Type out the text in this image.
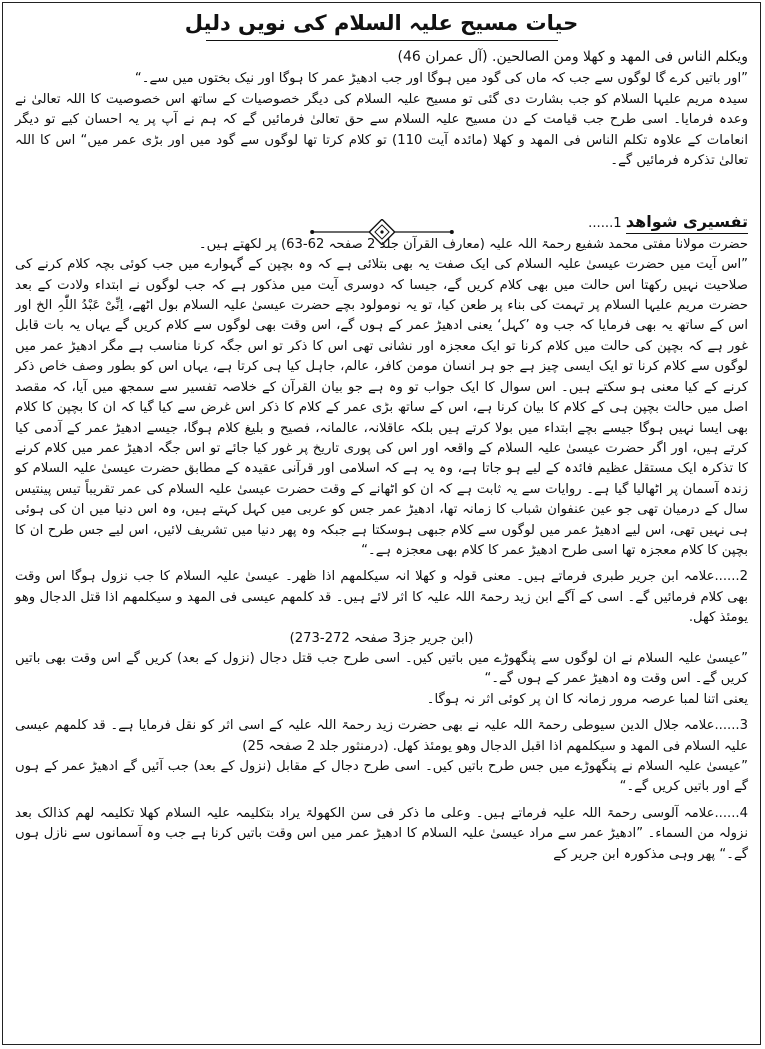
حیات مسیح علیہ السلام کی نویں دلیل

ویکلم الناس فی المھد و کھلا ومن الصالحین. (آل عمران 46)

”اور باتیں کرے گا لوگوں سے جب کہ ماں کی گود میں ہوگا اور جب ادھیڑ عمر کا ہوگا اور نیک بختوں میں سے۔“

سیدہ مریم علیہا السلام کو جب بشارت دی گئی تو مسیح علیہ السلام کی دیگر خصوصیات کے ساتھ اس خصوصیت کا اللہ تعالیٰ نے وعدہ فرمایا۔ اسی طرح جب قیامت کے دن مسیح علیہ السلام سے حق تعالیٰ فرمائیں گے کہ ہم نے آپ پر یہ احسان کیے تو دیگر انعامات کے علاوہ تکلم الناس فی المھد و کھلا (مائدہ آیت 110) تو کلام کرتا تھا لوگوں سے گود میں اور بڑی عمر میں“ اس کا اللہ تعالیٰ تذکرہ فرمائیں گے۔

تفسیری شواھد 1......

حضرت مولانا مفتی محمد شفیع رحمۃ اللہ علیہ (معارف القرآن جلد 2 صفحہ 62-63) پر لکھتے ہیں۔

”اس آیت میں حضرت عیسیٰ علیہ السلام کی ایک صفت یہ بھی بتلائی ہے کہ وہ بچپن کے گہوارے میں جب کوئی بچہ کلام کرنے کی صلاحیت نہیں رکھتا اس حالت میں بھی کلام کریں گے، جیسا کہ دوسری آیت میں مذکور ہے کہ جب لوگوں نے ابتداء ولادت کے بعد حضرت مریم علیہا السلام پر تہمت کی بناء پر طعن کیا، تو یہ نومولود بچے حضرت عیسیٰ علیہ السلام بول اٹھے، اِنِّیْ عَبْدُ اللّٰہِ الخ اور اس کے ساتھ یہ بھی فرمایا کہ جب وہ ’کہل‘ یعنی ادھیڑ عمر کے ہوں گے، اس وقت بھی لوگوں سے کلام کریں گے یہاں یہ بات قابل غور ہے کہ بچپن کی حالت میں کلام کرنا تو ایک معجزہ اور نشانی تھی اس کا ذکر تو اس جگہ کرنا مناسب ہے مگر ادھیڑ عمر میں لوگوں سے کلام کرنا تو ایک ایسی چیز ہے جو ہر انسان مومن کافر، عالم، جاہل کیا ہی کرتا ہے، یہاں اس کو بطور وصف خاص ذکر کرنے کے کیا معنی ہو سکتے ہیں۔ اس سوال کا ایک جواب تو وہ ہے جو بیان القرآن کے خلاصہ تفسیر سے سمجھ میں آیا، کہ مقصد اصل میں حالت بچپن ہی کے کلام کا بیان کرنا ہے، اس کے ساتھ بڑی عمر کے کلام کا ذکر اس غرض سے کیا گیا کہ ان کا بچپن کا کلام بھی ایسا نہیں ہوگا جیسے بچے ابتداء میں بولا کرتے ہیں بلکہ عاقلانہ، عالمانہ، فصیح و بلیغ کلام ہوگا، جیسے ادھیڑ عمر کے آدمی کیا کرتے ہیں، اور اگر حضرت عیسیٰ علیہ السلام کے واقعہ اور اس کی پوری تاریخ پر غور کیا جائے تو اس جگہ ادھیڑ عمر میں کلام کرنے کا تذکرہ ایک مستقل عظیم فائدہ کے لیے ہو جاتا ہے، وہ یہ ہے کہ اسلامی اور قرآنی عقیدہ کے مطابق حضرت عیسیٰ علیہ السلام کو زندہ آسمان پر اٹھالیا گیا ہے۔ روایات سے یہ ثابت ہے کہ ان کو اٹھانے کے وقت حضرت عیسیٰ علیہ السلام کی عمر تقریباً تیس پینتیس سال کے درمیان تھی جو عین عنفوان شباب کا زمانہ تھا، ادھیڑ عمر جس کو عربی میں کہل کہتے ہیں، وہ اس دنیا میں ان کی ہوئی ہی نہیں تھی، اس لیے ادھیڑ عمر میں لوگوں سے کلام جبھی ہوسکتا ہے جبکہ وہ پھر دنیا میں تشریف لائیں، اس لیے جس طرح ان کا بچپن کا کلام معجزہ تھا اسی طرح ادھیڑ عمر کا کلام بھی معجزہ ہے۔“

2......علامہ ابن جریر طبری فرماتے ہیں۔ معنی قولہ و کھلا انہ سیکلمھم اذا ظھر۔ عیسیٰ علیہ السلام کا جب نزول ہوگا اس وقت بھی کلام فرمائیں گے۔ اسی کے آگے ابن زید رحمۃ اللہ علیہ کا اثر لائے ہیں۔ قد کلمھم عیسی فی المھد و سیکلمھم اذا قتل الدجال وھو یومئذ کھل.

(ابن جریر جز3 صفحہ 272-273)

”عیسیٰ علیہ السلام نے ان لوگوں سے پنگھوڑے میں باتیں کیں۔ اسی طرح جب قتل دجال (نزول کے بعد) کریں گے اس وقت بھی باتیں کریں گے۔ اس وقت وہ ادھیڑ عمر کے ہوں گے۔“

یعنی اتنا لمبا عرصہ مرور زمانہ کا ان پر کوئی اثر نہ ہوگا۔

3......علامہ جلال الدین سیوطی رحمۃ اللہ علیہ نے بھی حضرت زید رحمۃ اللہ علیہ کے اسی اثر کو نقل فرمایا ہے۔ قد کلمھم عیسی علیہ السلام فی المھد و سیکلمھم اذا اقبل الدجال وھو یومئذ کھل. (درمنثور جلد 2 صفحہ 25)

”عیسیٰ علیہ السلام نے پنگھوڑے میں جس طرح باتیں کیں۔ اسی طرح دجال کے مقابل (نزول کے بعد) جب آئیں گے ادھیڑ عمر کے ہوں گے اور باتیں کریں گے۔“

4......علامہ آلوسی رحمۃ اللہ علیہ فرماتے ہیں۔ وعلی ما ذکر فی سن الکھولۃ یراد بتکلیمہ علیہ السلام کھلا تکلیمہ لھم کذالک بعد نزولہ من السماء۔ ”ادھیڑ عمر سے مراد عیسیٰ علیہ السلام کا ادھیڑ عمر میں اس وقت باتیں کرنا ہے جب وہ آسمانوں سے نازل ہوں گے۔“ پھر وہی مذکورہ ابن جریر کے
